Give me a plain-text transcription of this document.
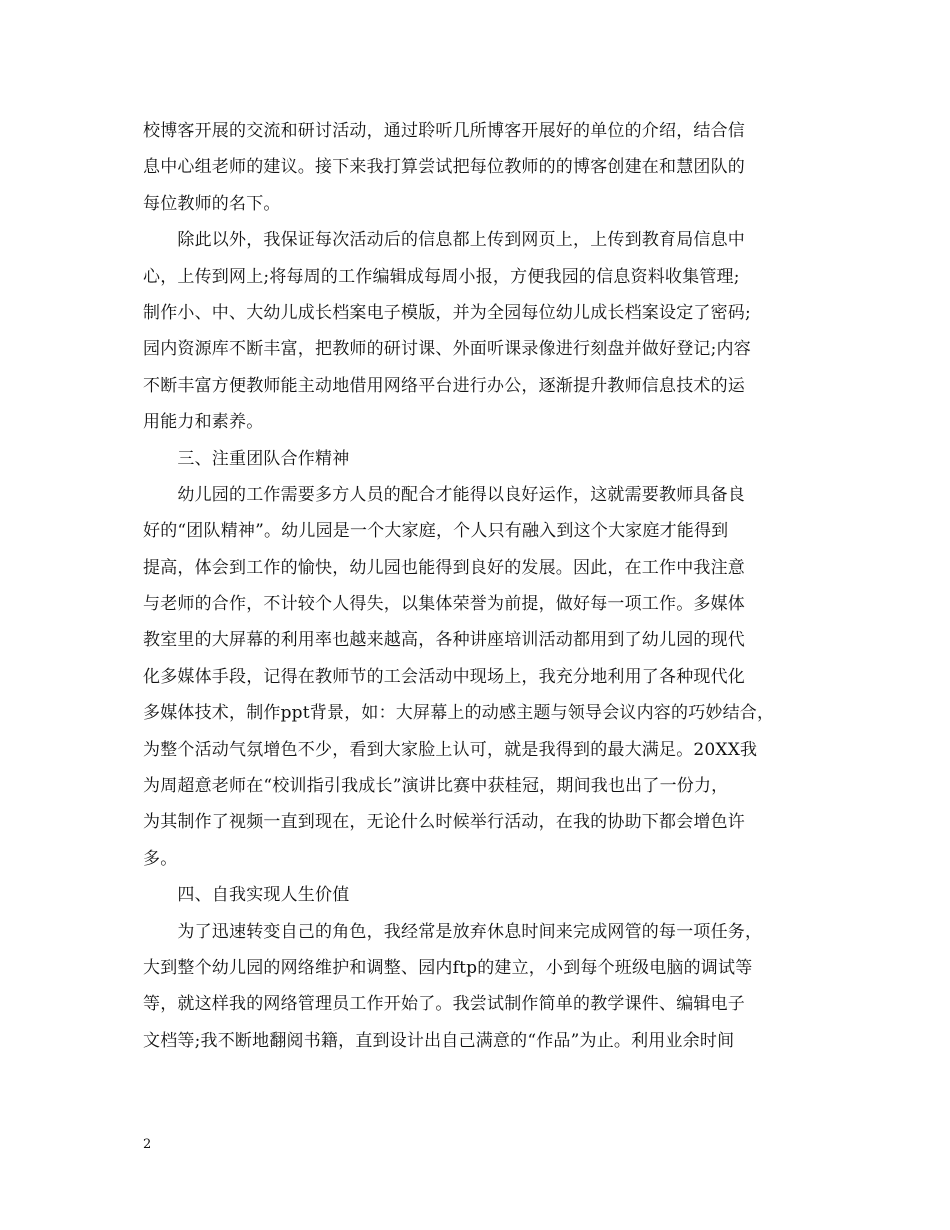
校博客开展的交流和研讨活动，通过聆听几所博客开展好的单位的介绍，结合信
息中心组老师的建议。接下来我打算尝试把每位教师的的博客创建在和慧团队的
每位教师的名下。
　　除此以外，我保证每次活动后的信息都上传到网页上，上传到教育局信息中
心，上传到网上;将每周的工作编辑成每周小报，方便我园的信息资料收集管理;
制作小、中、大幼儿成长档案电子模版，并为全园每位幼儿成长档案设定了密码;
园内资源库不断丰富，把教师的研讨课、外面听课录像进行刻盘并做好登记;内容
不断丰富方便教师能主动地借用网络平台进行办公，逐渐提升教师信息技术的运
用能力和素养。
　　三、注重团队合作精神
　　幼儿园的工作需要多方人员的配合才能得以良好运作，这就需要教师具备良
好的“团队精神”。幼儿园是一个大家庭，个人只有融入到这个大家庭才能得到
提高，体会到工作的愉快，幼儿园也能得到良好的发展。因此，在工作中我注意
与老师的合作，不计较个人得失，以集体荣誉为前提，做好每一项工作。多媒体
教室里的大屏幕的利用率也越来越高，各种讲座培训活动都用到了幼儿园的现代
化多媒体手段，记得在教师节的工会活动中现场上，我充分地利用了各种现代化
多媒体技术，制作ppt背景，如：大屏幕上的动感主题与领导会议内容的巧妙结合，
为整个活动气氛增色不少，看到大家脸上认可，就是我得到的最大满足。20XX我
为周超意老师在“校训指引我成长”演讲比赛中获桂冠，期间我也出了一份力，
为其制作了视频一直到现在，无论什么时候举行活动，在我的协助下都会增色许
多。
　　四、自我实现人生价值
　　为了迅速转变自己的角色，我经常是放弃休息时间来完成网管的每一项任务，
大到整个幼儿园的网络维护和调整、园内ftp的建立，小到每个班级电脑的调试等
等，就这样我的网络管理员工作开始了。我尝试制作简单的教学课件、编辑电子
文档等;我不断地翻阅书籍，直到设计出自己满意的“作品”为止。利用业余时间
2
